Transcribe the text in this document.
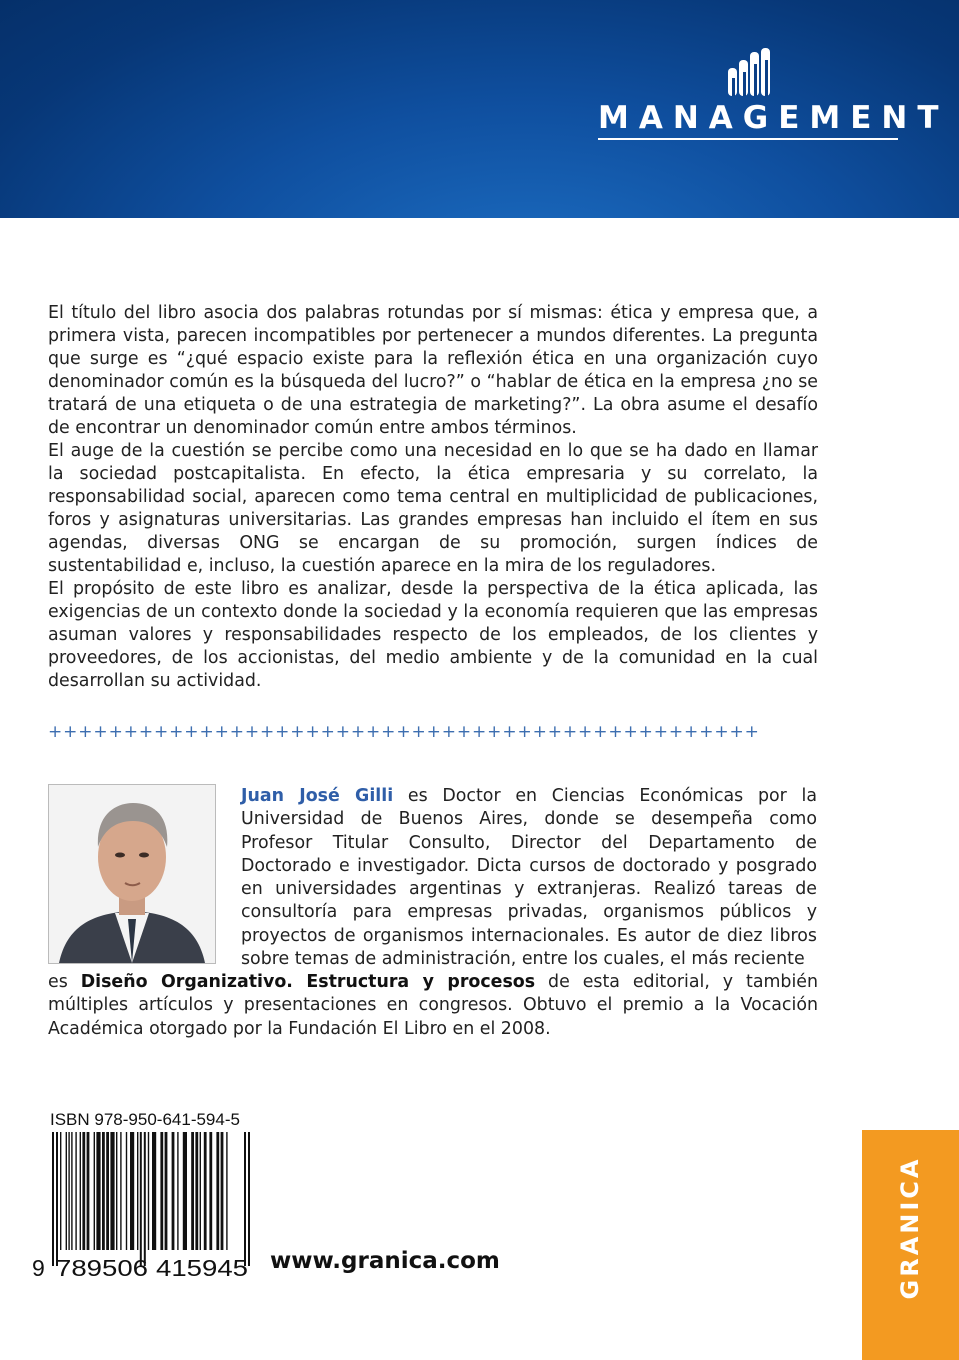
MANAGEMENT

El título del libro asocia dos palabras rotundas por sí mismas: ética y empresa que, a primera vista, parecen incompatibles por pertenecer a mundos diferentes. La pregunta que surge es “¿qué espacio existe para la reflexión ética en una organización cuyo denominador común es la búsqueda del lucro?” o “hablar de ética en la empresa ¿no se tratará de una etiqueta o de una estrategia de marketing?”. La obra asume el desafío de encontrar un denominador común entre ambos términos.

El auge de la cuestión se percibe como una necesidad en lo que se ha dado en llamar la sociedad postcapitalista. En efecto, la ética empresaria y su correlato, la responsabilidad social, aparecen como tema central en multiplicidad de publicaciones, foros y asignaturas universitarias. Las grandes empresas han incluido el ítem en sus agendas, diversas ONG se encargan de su promoción, surgen índices de sustentabilidad e, incluso, la cuestión aparece en la mira de los reguladores.

El propósito de este libro es analizar, desde la perspectiva de la ética aplicada, las exigencias de un contexto donde la sociedad y la economía requieren que las empresas asuman valores y responsabilidades respecto de los empleados, de los clientes y proveedores, de los accionistas, del medio ambiente y de la comunidad en la cual desarrollan su actividad.

+++++++++++++++++++++++++++++++++++++++++++++++

Juan José Gilli es Doctor en Ciencias Económicas por la Universidad de Buenos Aires, donde se desempeña como Profesor Titular Consulto, Director del Departamento de Doctorado e investigador. Dicta cursos de doctorado y posgrado en universidades argentinas y extranjeras. Realizó tareas de consultoría para empresas privadas, organismos públicos y proyectos de organismos internacionales. Es autor de diez libros sobre temas de administración, entre los cuales, el más reciente

es Diseño Organizativo. Estructura y procesos de esta editorial, y también múltiples artículos y presentaciones en congresos. Obtuvo el premio a la Vocación Académica otorgado por la Fundación El Libro en el 2008.

ISBN 978-950-641-594-5
9 789506 415945 www.granica.com	GRANICA
